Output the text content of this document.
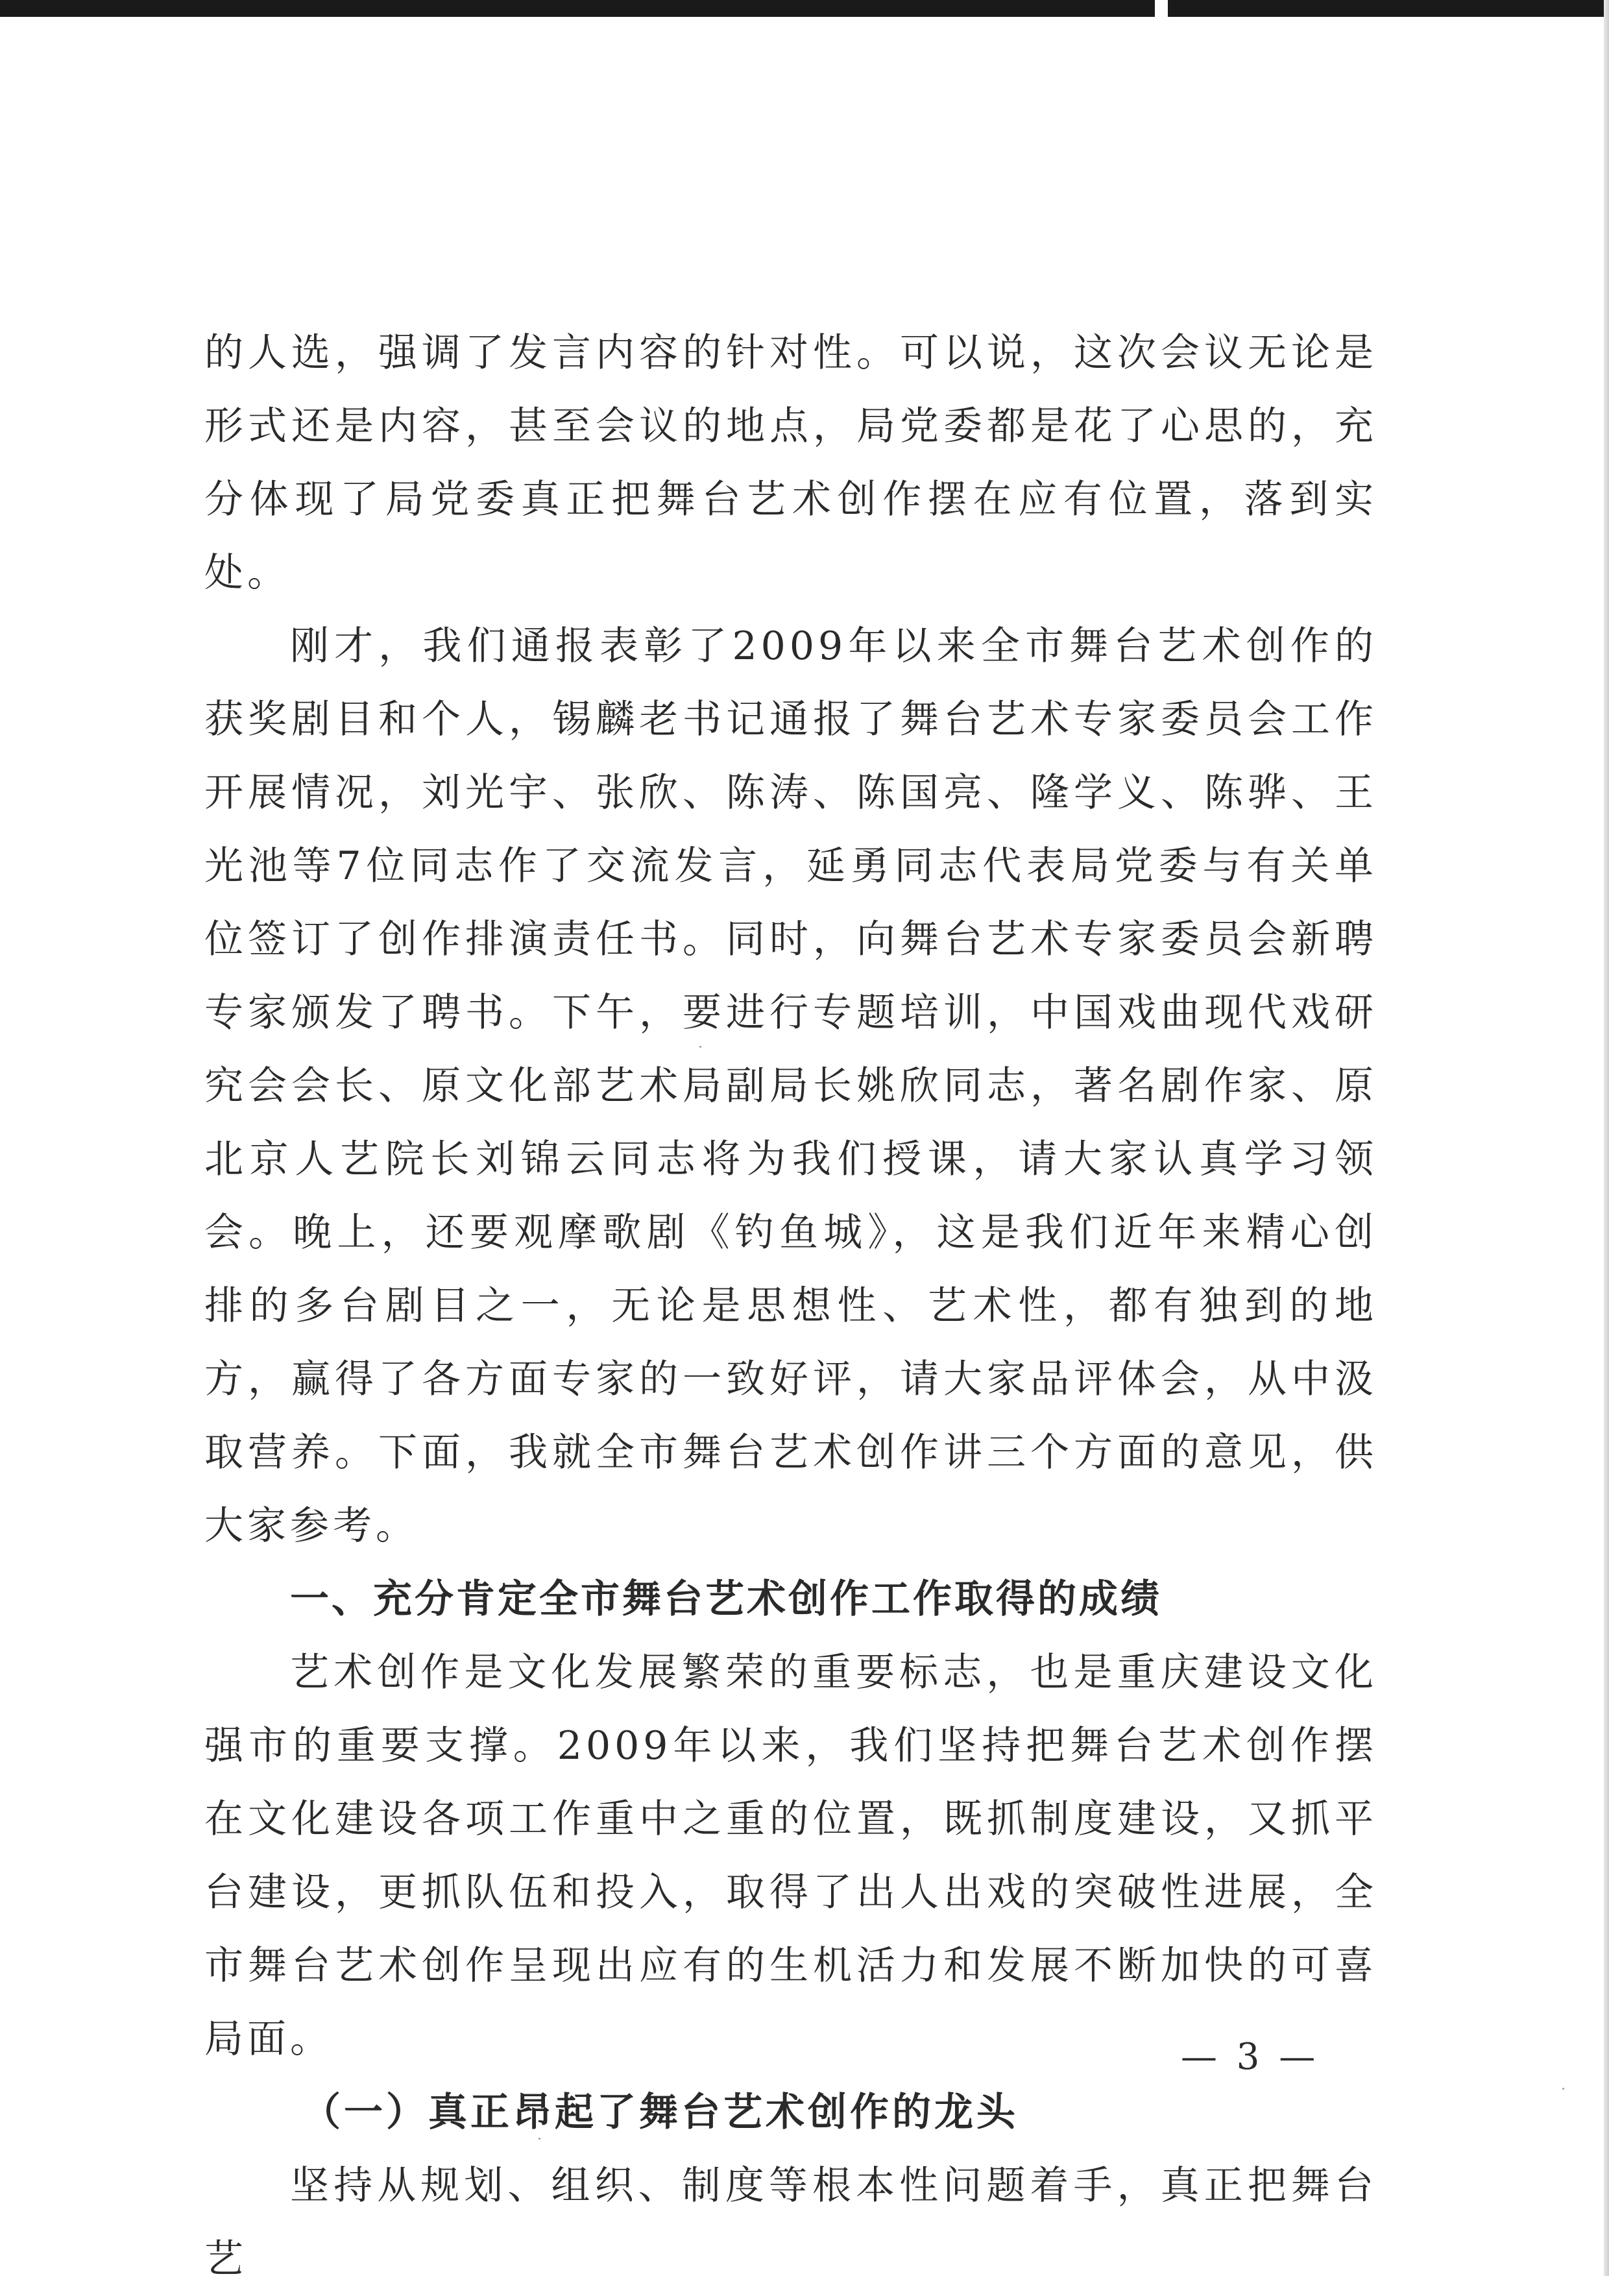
的人选，强调了发言内容的针对性。可以说，这次会议无论是形式还是内容，甚至会议的地点，局党委都是花了心思的，充分体现了局党委真正把舞台艺术创作摆在应有位置，落到实处。

刚才，我们通报表彰了2009年以来全市舞台艺术创作的获奖剧目和个人，锡麟老书记通报了舞台艺术专家委员会工作开展情况，刘光宇、张欣、陈涛、陈国亮、隆学义、陈骅、王光池等7位同志作了交流发言，延勇同志代表局党委与有关单位签订了创作排演责任书。同时，向舞台艺术专家委员会新聘专家颁发了聘书。下午，要进行专题培训，中国戏曲现代戏研究会会长、原文化部艺术局副局长姚欣同志，著名剧作家、原北京人艺院长刘锦云同志将为我们授课，请大家认真学习领会。晚上，还要观摩歌剧《钓鱼城》，这是我们近年来精心创排的多台剧目之一，无论是思想性、艺术性，都有独到的地方，赢得了各方面专家的一致好评，请大家品评体会，从中汲取营养。下面，我就全市舞台艺术创作讲三个方面的意见，供大家参考。

一、充分肯定全市舞台艺术创作工作取得的成绩

艺术创作是文化发展繁荣的重要标志，也是重庆建设文化强市的重要支撑。2009年以来，我们坚持把舞台艺术创作摆在文化建设各项工作重中之重的位置，既抓制度建设，又抓平台建设，更抓队伍和投入，取得了出人出戏的突破性进展，全市舞台艺术创作呈现出应有的生机活力和发展不断加快的可喜局面。

（一）真正昂起了舞台艺术创作的龙头

坚持从规划、组织、制度等根本性问题着手，真正把舞台艺

— 3 —
